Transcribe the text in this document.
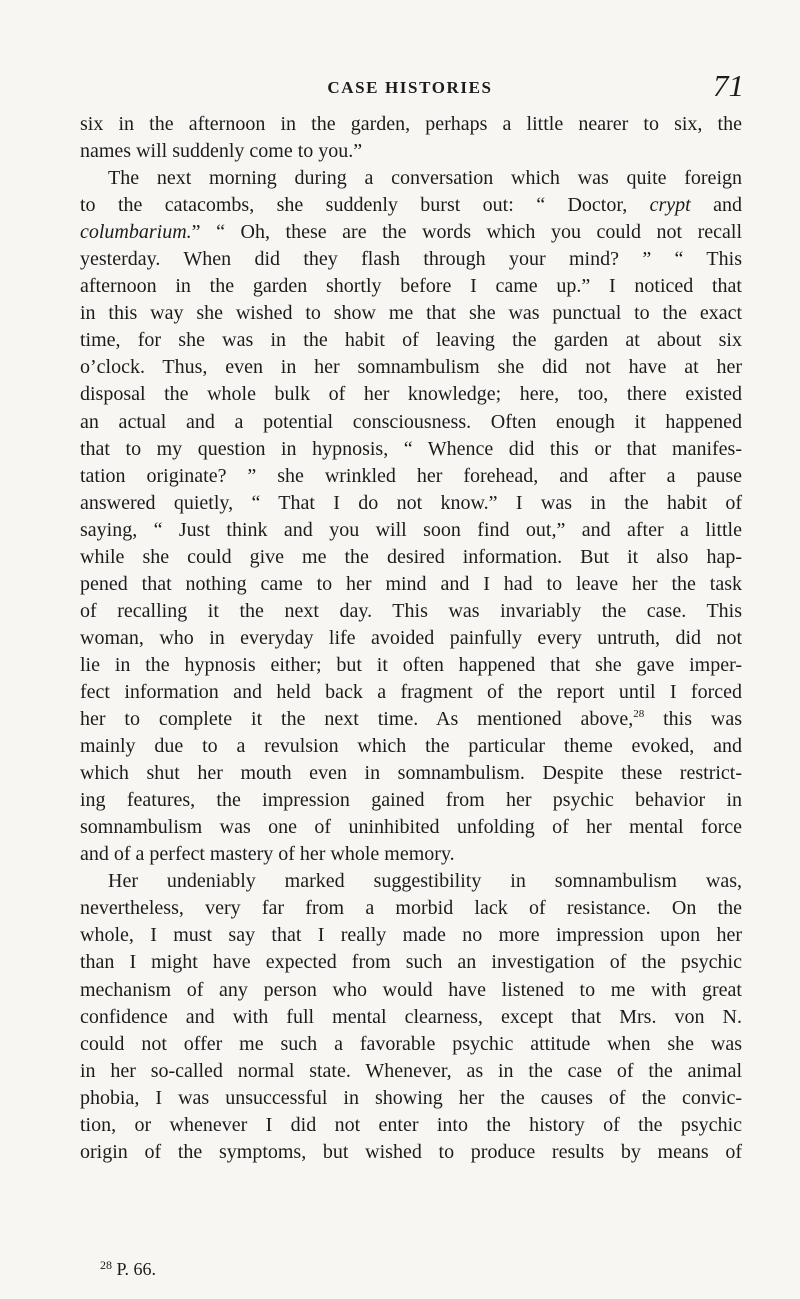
CASE HISTORIES	71
six in the afternoon in the garden, perhaps a little nearer to six, the
names will suddenly come to you.”
The next morning during a conversation which was quite foreign
to the catacombs, she suddenly burst out: “ Doctor, crypt and
columbarium.” “ Oh, these are the words which you could not recall
yesterday. When did they flash through your mind? ” “ This
afternoon in the garden shortly before I came up.” I noticed that
in this way she wished to show me that she was punctual to the exact
time, for she was in the habit of leaving the garden at about six
o’clock. Thus, even in her somnambulism she did not have at her
disposal the whole bulk of her knowledge; here, too, there existed
an actual and a potential consciousness. Often enough it happened
that to my question in hypnosis, “ Whence did this or that manifes-
tation originate? ” she wrinkled her forehead, and after a pause
answered quietly, “ That I do not know.” I was in the habit of
saying, “ Just think and you will soon find out,” and after a little
while she could give me the desired information. But it also hap-
pened that nothing came to her mind and I had to leave her the task
of recalling it the next day. This was invariably the case. This
woman, who in everyday life avoided painfully every untruth, did not
lie in the hypnosis either; but it often happened that she gave imper-
fect information and held back a fragment of the report until I forced
her to complete it the next time. As mentioned above,$^{28}$ this was
mainly due to a revulsion which the particular theme evoked, and
which shut her mouth even in somnambulism. Despite these restrict-
ing features, the impression gained from her psychic behavior in
somnambulism was one of uninhibited unfolding of her mental force
and of a perfect mastery of her whole memory.
Her undeniably marked suggestibility in somnambulism was,
nevertheless, very far from a morbid lack of resistance. On the
whole, I must say that I really made no more impression upon her
than I might have expected from such an investigation of the psychic
mechanism of any person who would have listened to me with great
confidence and with full mental clearness, except that Mrs. von N.
could not offer me such a favorable psychic attitude when she was
in her so-called normal state. Whenever, as in the case of the animal
phobia, I was unsuccessful in showing her the causes of the convic-
tion, or whenever I did not enter into the history of the psychic
origin of the symptoms, but wished to produce results by means of
$^{28}$ P. 66.
